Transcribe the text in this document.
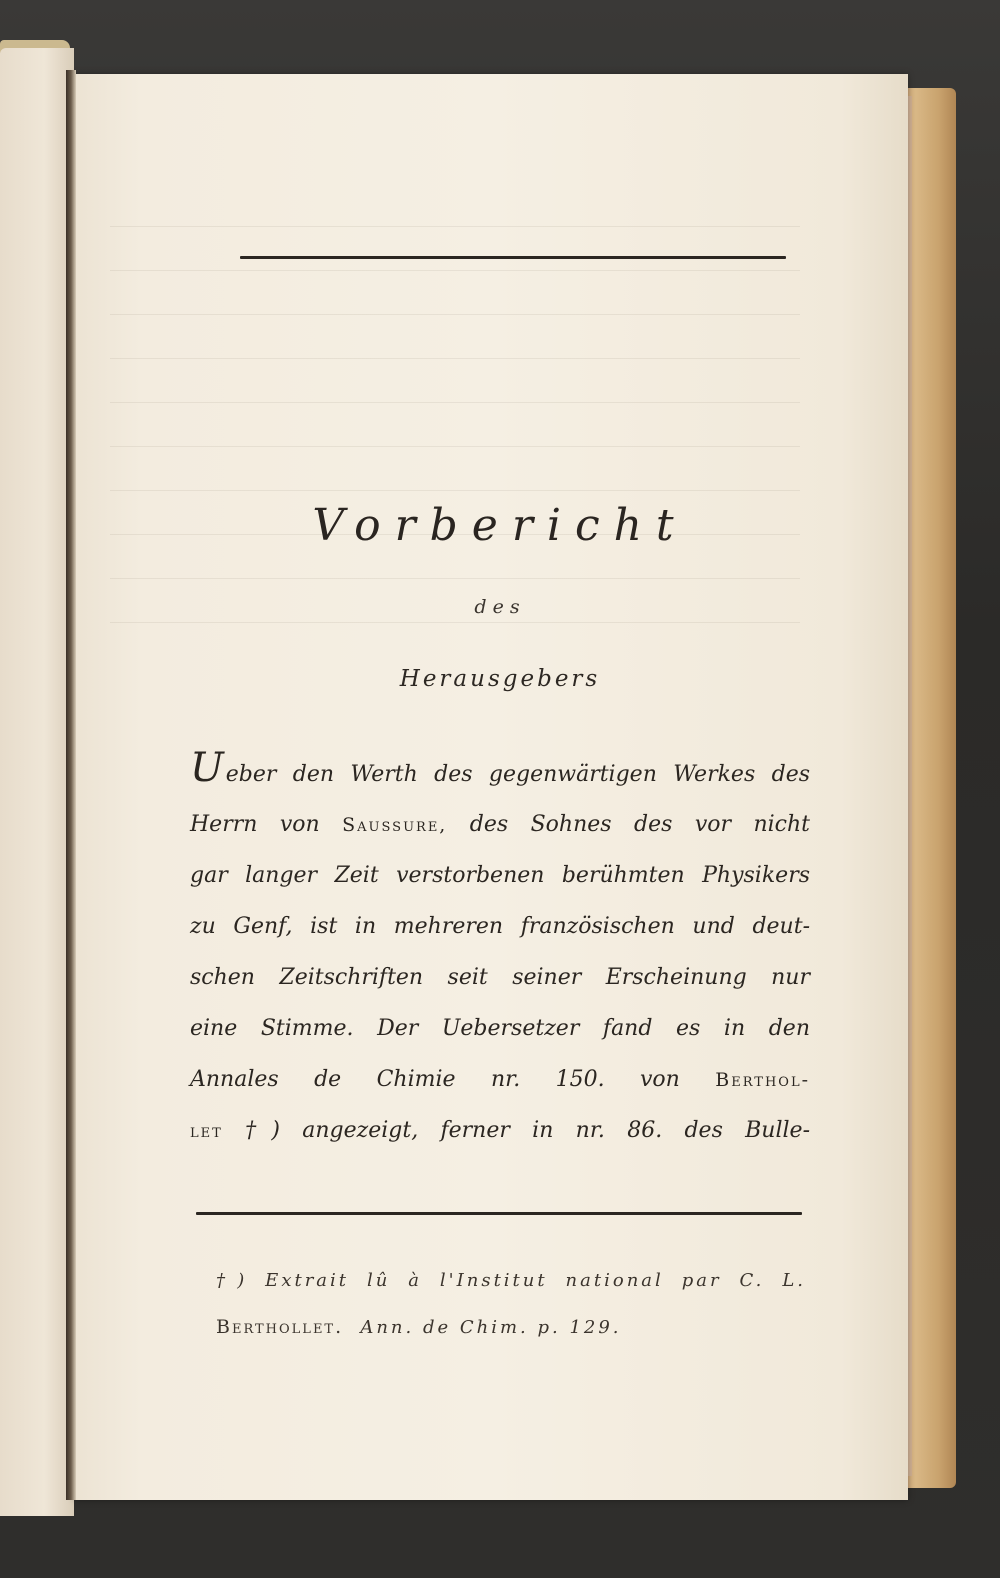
Vorbericht
des
Herausgebers
Ueber den Werth des gegenwärtigen Werkes des
Herrn von Saussure, des Sohnes des vor nicht
gar langer Zeit verstorbenen berühmten Physikers
zu Genf, ist in mehreren französischen und deut-
schen Zeitschriften seit seiner Erscheinung nur
eine Stimme. Der Uebersetzer fand es in den
Annales de Chimie nr. 150. von Berthol-
let †) angezeigt, ferner in nr. 86. des Bulle-
†) Extrait lû à l'Institut national par C. L.
Berthollet. Ann. de Chim. p. 129.
